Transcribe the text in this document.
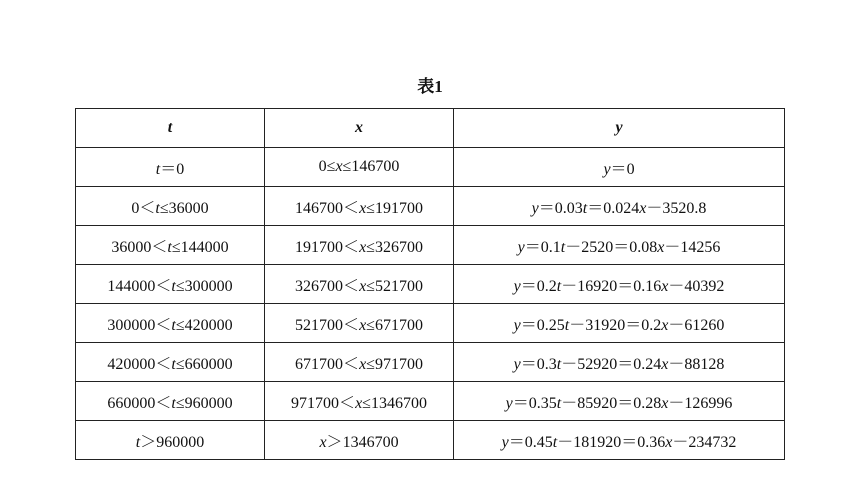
表1
t	x	y
t＝0	0≤x≤146700	y＝0
0＜t≤36000	146700＜x≤191700	y＝0.03t＝0.024x－3520.8
36000＜t≤144000	191700＜x≤326700	y＝0.1t－2520＝0.08x－14256
144000＜t≤300000	326700＜x≤521700	y＝0.2t－16920＝0.16x－40392
300000＜t≤420000	521700＜x≤671700	y＝0.25t－31920＝0.2x－61260
420000＜t≤660000	671700＜x≤971700	y＝0.3t－52920＝0.24x－88128
660000＜t≤960000	971700＜x≤1346700	y＝0.35t－85920＝0.28x－126996
t＞960000	x＞1346700	y＝0.45t－181920＝0.36x－234732
